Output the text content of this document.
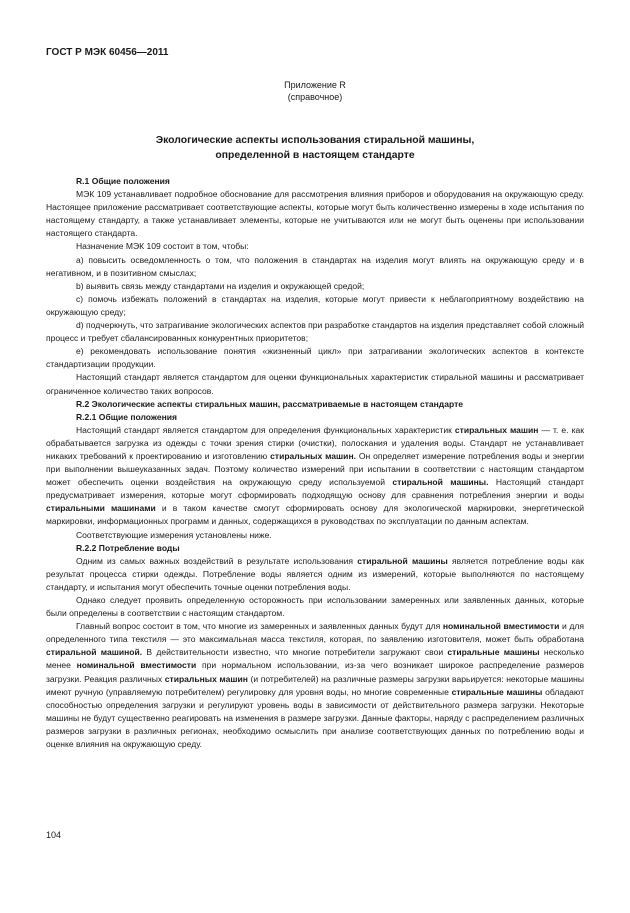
ГОСТ Р МЭК 60456—2011
Приложение R
(справочное)
Экологические аспекты использования стиральной машины,
определенной в настоящем стандарте

R.1 Общие положения

МЭК 109 устанавливает подробное обоснование для рассмотрения влияния приборов и оборудования на окружающую среду. Настоящее приложение рассматривает соответствующие аспекты, которые могут быть количественно измерены в ходе испытания по настоящему стандарту, а также устанавливает элементы, которые не учитываются или не могут быть оценены при использовании настоящего стандарта.

Назначение МЭК 109 состоит в том, чтобы:

а) повысить осведомленность о том, что положения в стандартах на изделия могут влиять на окружающую среду и в негативном, и в позитивном смыслах;

b) выявить связь между стандартами на изделия и окружающей средой;

c) помочь избежать положений в стандартах на изделия, которые могут привести к неблагоприятному воздействию на окружающую среду;

d) подчеркнуть, что затрагивание экологических аспектов при разработке стандартов на изделия представляет собой сложный процесс и требует сбалансированных конкурентных приоритетов;

e) рекомендовать использование понятия «жизненный цикл» при затрагивании экологических аспектов в контексте стандартизации продукции.

Настоящий стандарт является стандартом для оценки функциональных характеристик стиральной машины и рассматривает ограниченное количество таких вопросов.

R.2 Экологические аспекты стиральных машин, рассматриваемые в настоящем стандарте

R.2.1 Общие положения

Настоящий стандарт является стандартом для определения функциональных характеристик стиральных машин — т. е. как обрабатывается загрузка из одежды с точки зрения стирки (очистки), полоскания и удаления воды. Стандарт не устанавливает никаких требований к проектированию и изготовлению стиральных машин. Он определяет измерение потребления воды и энергии при выполнении вышеуказанных задач. Поэтому количество измерений при испытании в соответствии с настоящим стандартом может обеспечить оценки воздействия на окружающую среду используемой стиральной машины. Настоящий стандарт предусматривает измерения, которые могут сформировать подходящую основу для сравнения потребления энергии и воды стиральными машинами и в таком качестве смогут сформировать основу для экологической маркировки, энергетической маркировки, информационных программ и данных, содержащихся в руководствах по эксплуатации по данным аспектам.

Соответствующие измерения установлены ниже.

R.2.2 Потребление воды

Одним из самых важных воздействий в результате использования стиральной машины является потребление воды как результат процесса стирки одежды. Потребление воды является одним из измерений, которые выполняются по настоящему стандарту, и испытания могут обеспечить точные оценки потребления воды.

Однако следует проявить определенную осторожность при использовании замеренных или заявленных данных, которые были определены в соответствии с настоящим стандартом.

Главный вопрос состоит в том, что многие из замеренных и заявленных данных будут для номинальной вместимости и для определенного типа текстиля — это максимальная масса текстиля, которая, по заявлению изготовителя, может быть обработана стиральной машиной. В действительности известно, что многие потребители загружают свои стиральные машины несколько менее номинальной вместимости при нормальном использовании, из-за чего возникает широкое распределение размеров загрузки. Реакция различных стиральных машин (и потребителей) на различные размеры загрузки варьируется: некоторые машины имеют ручную (управляемую потребителем) регулировку для уровня воды, но многие современные стиральные машины обладают способностью определения загрузки и регулируют уровень воды в зависимости от действительного размера загрузки. Некоторые машины не будут существенно реагировать на изменения в размере загрузки. Данные факторы, наряду с распределением различных размеров загрузки в различных регионах, необходимо осмыслить при анализе соответствующих данных по потреблению воды и оценке влияния на окружающую среду.

104
